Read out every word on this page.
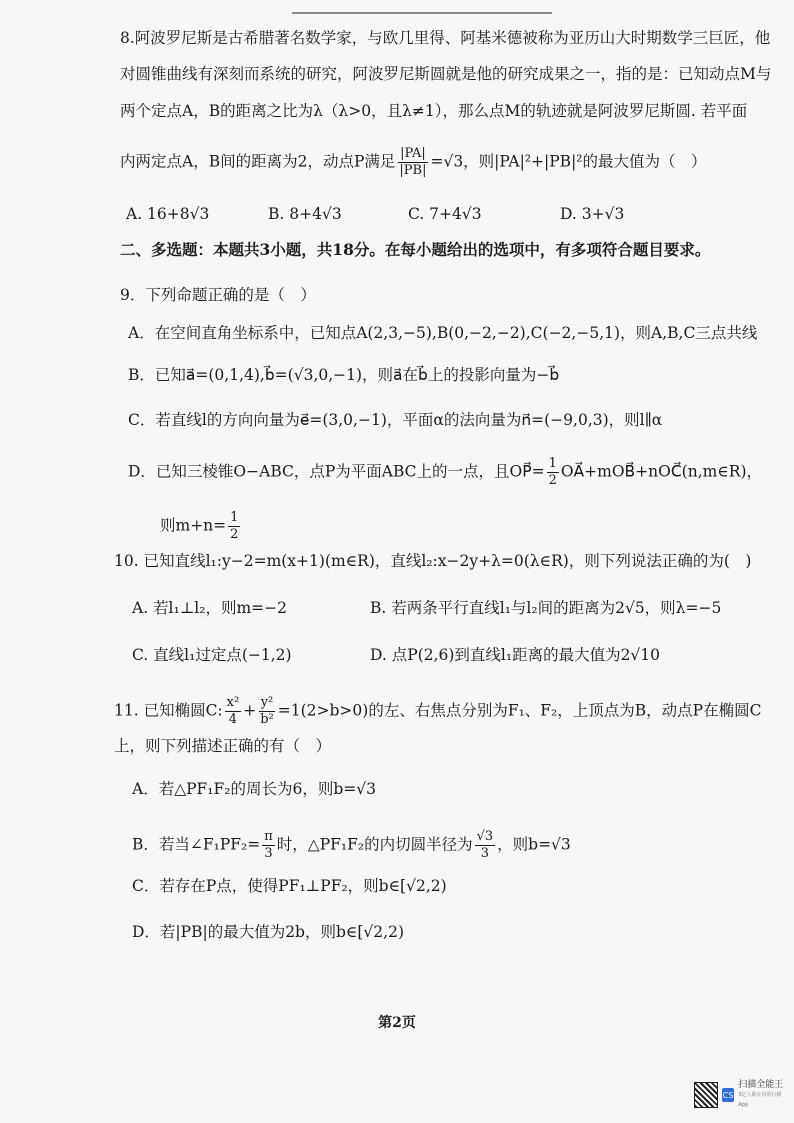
8.阿波罗尼斯是古希腊著名数学家，与欧几里得、阿基米德被称为亚历山大时期数学三巨匠，他
对圆锥曲线有深刻而系统的研究，阿波罗尼斯圆就是他的研究成果之一，指的是：已知动点M与
两个定点A，B的距离之比为λ（λ>0，且λ≠1），那么点M的轨迹就是阿波罗尼斯圆. 若平面
内两定点A，B间的距离为2，动点P满足 $\frac{|PA|}{|PB|} =√3$，则|PA|²+|PB|²的最大值为（　）
A. 16+8√3	B. 8+4√3	C. 7+4√3	D. 3+√3
二、多选题：本题共3小题，共18分。在每小题给出的选项中，有多项符合题目要求。
9．下列命题正确的是（　）
A．在空间直角坐标系中，已知点A(2,3,−5),B(0,−2,−2),C(−2,−5,1)，则A,B,C三点共线
B．已知a⃗=(0,1,4),b⃗=(√3,0,−1)，则a⃗在b⃗上的投影向量为−b⃗
C．若直线l的方向向量为e⃗=(3,0,−1)，平面α的法向量为n⃗=(−9,0,3)，则l∥α
D．已知三棱锥O−ABC，点P为平面ABC上的一点，且OP⃗= $\frac{1}{2}$ OA⃗+mOB⃗+nOC⃗(n,m∈R)，
则$m+n= \frac{1}{2}$
10. 已知直线l₁:y−2=m(x+1)(m∈R)，直线l₂:x−2y+λ=0(λ∈R)，则下列说法正确的为(　)
A. 若l₁⊥l₂，则m=−2	B. 若两条平行直线l₁与l₂间的距离为2√5，则λ=−5
C. 直线l₁过定点(−1,2)	D. 点P(2,6)到直线l₁距离的最大值为2√10
11. 已知椭圆C: $\frac{\text{x²}}{4} + \frac{\text{y²}}{\text{b²}} =1(2>b>0)$的左、右焦点分别为F₁、F₂，上顶点为B，动点P在椭圆C
上，则下列描述正确的有（　）
A．若△PF₁F₂的周长为6，则b=√3
B．若当∠F₁PF₂= $\frac{\pi}{3}$ 时，△PF₁F₂的内切圆半径为 $\frac{√3}{3}$ ，则b=√3
C．若存在P点，使得PF₁⊥PF₂，则b∈[√2,2)
D．若|PB|的最大值为2b，则b∈[√2,2)
第2页
CS
扫描全能王
3亿人都在用的扫描App
